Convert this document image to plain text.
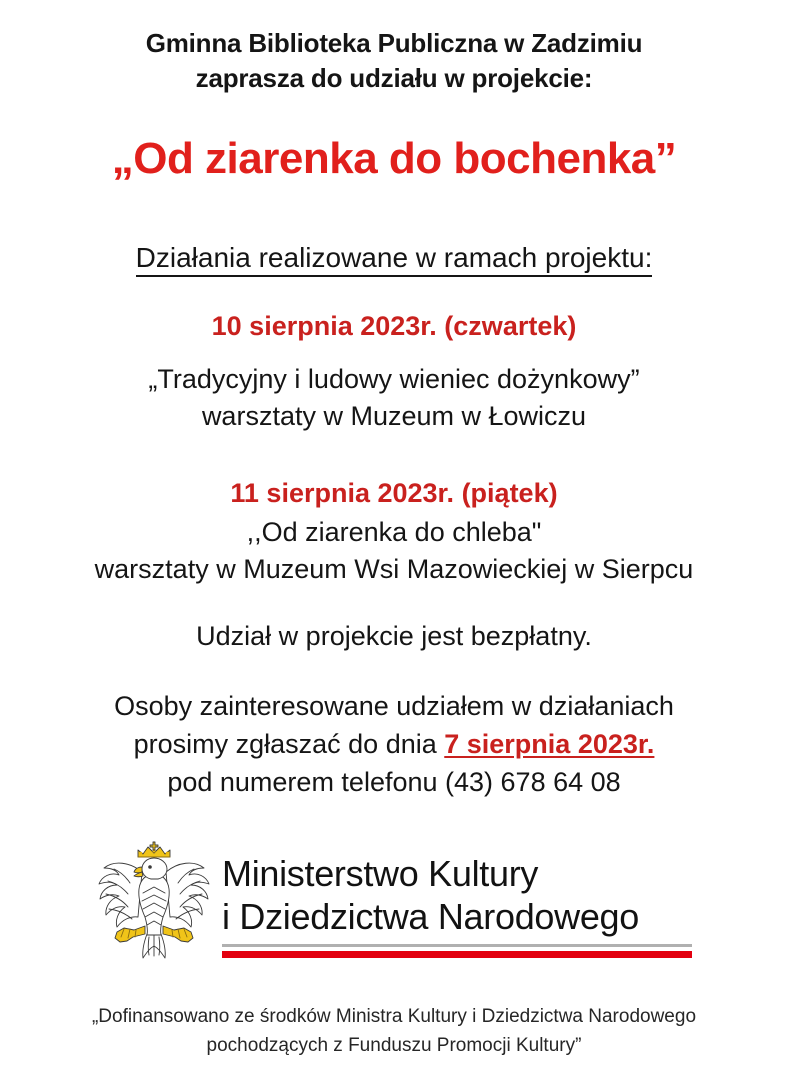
Gminna Biblioteka Publiczna w Zadzimiu
zaprasza do udziału w projekcie:
„Od ziarenka do bochenka”
Działania realizowane w ramach projektu:
10 sierpnia 2023r. (czwartek)
„Tradycyjny i ludowy wieniec dożynkowy”
warsztaty w Muzeum w Łowiczu
11 sierpnia 2023r. (piątek)
,,Od ziarenka do chleba"
warsztaty w Muzeum Wsi Mazowieckiej w Sierpcu
Udział w projekcie jest bezpłatny.
Osoby zainteresowane udziałem w działaniach
prosimy zgłaszać do dnia 7 sierpnia 2023r.
pod numerem telefonu (43) 678 64 08
Ministerstwo Kultury
i Dziedzictwa Narodowego
„Dofinansowano ze środków Ministra Kultury i Dziedzictwa Narodowego
pochodzących z Funduszu Promocji Kultury”
